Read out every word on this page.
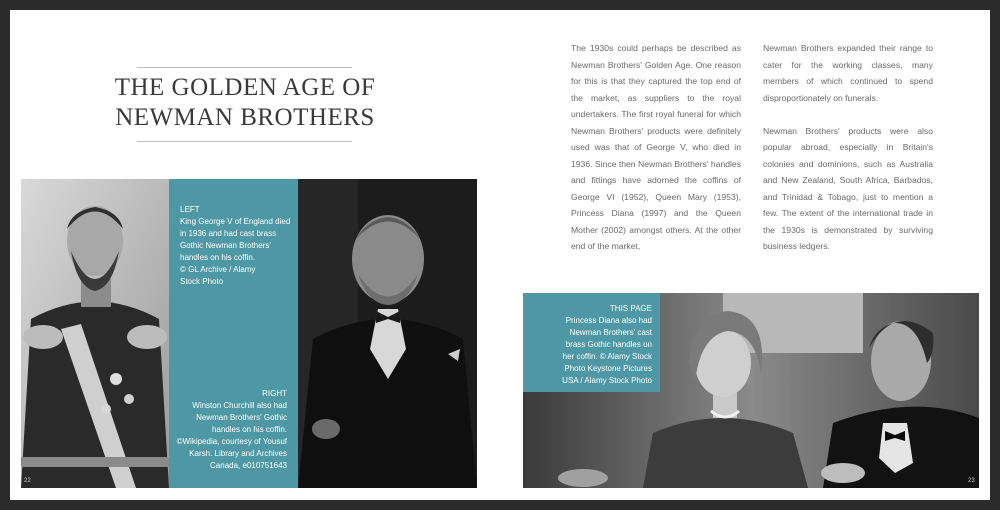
THE GOLDEN AGE OF
NEWMAN BROTHERS
LEFT
King George V of England died
in 1936 and had cast brass
Gothic Newman Brothers'
handles on his coffin.
© GL Archive / Alamy
Stock Photo
RIGHT
Winston Churchill also had
Newman Brothers' Gothic
handles on his coffin.
©Wikipedia, courtesy of Yousuf
Karsh. Library and Archives
Canada, e010751643

The 1930s could perhaps be described as Newman Brothers' Golden Age. One reason for this is that they captured the top end of the market, as suppliers to the royal undertakers. The first royal funeral for which Newman Brothers' products were definitely used was that of George V, who died in 1936. Since then Newman Brothers' handles and fittings have adorned the coffins of George VI (1952), Queen Mary (1953), Princess Diana (1997) and the Queen Mother (2002) amongst others. At the other end of the market,

Newman Brothers expanded their range to cater for the working classes, many members of which continued to spend disproportionately on funerals.

Newman Brothers' products were also popular abroad, especially in Britain's colonies and dominions, such as Australia and New Zealand, South Africa, Barbados, and Trinidad & Tobago, just to mention a few. The extent of the international trade in the 1930s is demonstrated by surviving business ledgers.

THIS PAGE
Princess Diana also had
Newman Brothers' cast
brass Gothic handles on
her coffin. © Alamy Stock
Photo Keystone Pictures
USA / Alamy Stock Photo
22	23
